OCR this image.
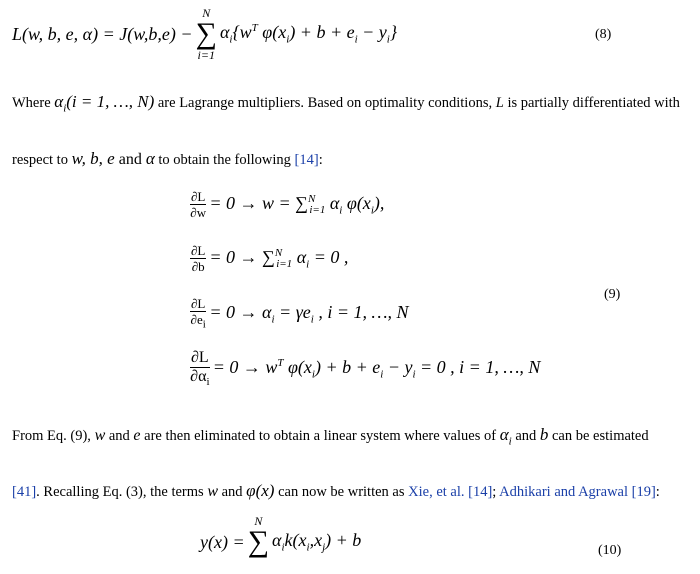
L(w, b, e, α) = J(w,b,e) −
N
∑
i=1
$\alpha_i\{w^T$ $\varphi(x_i) + b + e_i - y_i$}	(8)
Where $\alpha_i(i = 1$, …, N) are Lagrange multipliers. Based on optimality conditions, L is partially differentiated with
respect to w, b, e and α to obtain the following [14]:
$\frac{\partial L}{\partial w} = 0 \to w = \sum^N_{i=1}$ $\alpha_i$ $\varphi(x_i)$,
$\frac{\partial L}{\partial b} = 0 \to \sum^N_{i=1}$ $\alpha_i = 0$ ,
$\frac{\partial L}{\partial e_i} = 0 \to \alpha_i = \gamma e_i$ , i = 1, …, N
$\frac{\partial L}{\partial\alpha_i} = 0 \to w^T$ $\varphi(x_i) + b + e_i - y_i = 0$ , i = 1, …, N
(9)
From Eq. (9), w and e are then eliminated to obtain a linear system where values of $\alpha_i$ and b can be estimated
[41]. Recalling Eq. (3), the terms w and φ(x) can now be written as Xie, et al. [14]; Adhikari and Agrawal [19]:
y(x) =
N
∑
$\alpha_ik(x_i,x_j) + b$
(10)
